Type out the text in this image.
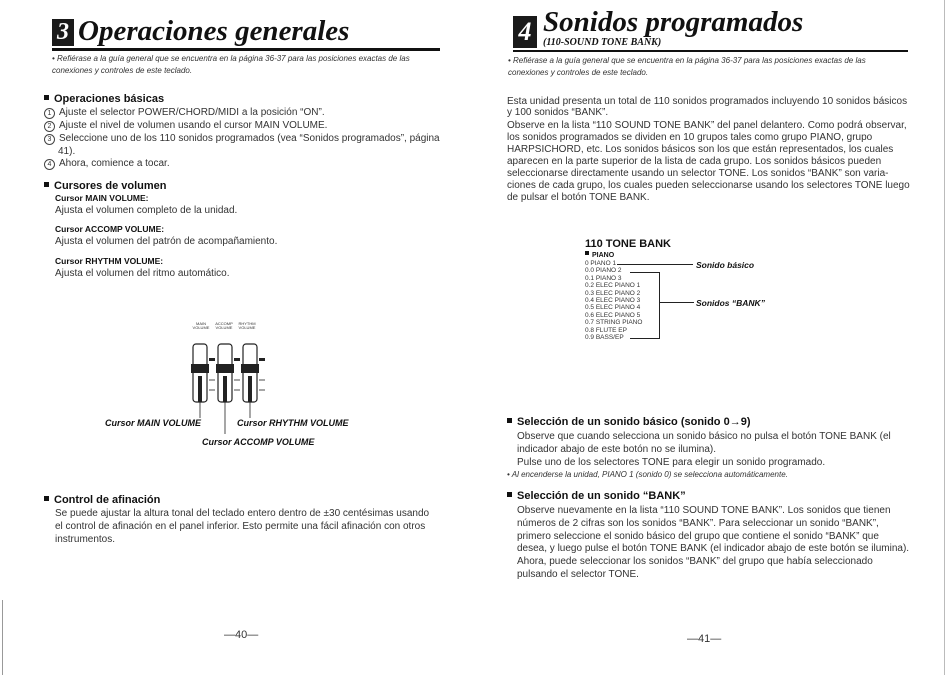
3 Operaciones generales
• Refiérase a la guía general que se encuentra en la página 36-37 para las posiciones exactas de las conexiones y controles de este teclado.
Operaciones básicas
1 Ajuste el selector POWER/CHORD/MIDI a la posición “ON”.
2 Ajuste el nivel de volumen usando el cursor MAIN VOLUME.
3 Seleccione uno de los 110 sonidos programados (vea “Sonidos programados”, página
41).
4 Ahora, comience a tocar.
Cursores de volumen
Cursor MAIN VOLUME:
Ajusta el volumen completo de la unidad.
Cursor ACCOMP VOLUME:
Ajusta el volumen del patrón de acompañamiento.
Cursor RHYTHM VOLUME:
Ajusta el volumen del ritmo automático.
MAIN VOLUME
ACCOMP VOLUME
RHYTHM VOLUME
Cursor MAIN VOLUME	Cursor RHYTHM VOLUME
Cursor ACCOMP VOLUME
Control de afinación
Se puede ajustar la altura tonal del teclado entero dentro de ±30 centésimas usando
el control de afinación en el panel inferior. Esto permite una fácil afinación con otros
instrumentos.
—40—
4 Sonidos programados
(110-SOUND TONE BANK)
• Refiérase a la guía general que se encuentra en la página 36-37 para las posiciones exactas de las conexiones y controles de este teclado.
Esta unidad presenta un total de 110 sonidos programados incluyendo 10 sonidos básicos
y 100 sonidos “BANK”.
Observe en la lista “110 SOUND TONE BANK” del panel delantero. Como podrá observar,
los sonidos programados se dividen en 10 grupos tales como grupo PIANO, grupo
HARPSICHORD, etc. Los sonidos básicos son los que están representados, los cuales
aparecen en la parte superior de la lista de cada grupo. Los sonidos básicos pueden
seleccionarse directamente usando un selector TONE. Los sonidos “BANK” son varia-
ciones de cada grupo, los cuales pueden seleccionarse usando los selectores TONE luego
de pulsar el botón TONE BANK.
110 TONE BANK
PIANO
0 PIANO 1
0.0 PIANO 2
0.1 PIANO 3
0.2 ELEC PIANO 1
0.3 ELEC PIANO 2
0.4 ELEC PIANO 3
0.5 ELEC PIANO 4
0.6 ELEC PIANO 5
0.7 STRING PIANO
0.8 FLUTE EP
0.9 BASS/EP
Sonido básico
Sonidos “BANK”
Selección de un sonido básico (sonido 0→9)
Observe que cuando selecciona un sonido básico no pulsa el botón TONE BANK (el
indicador abajo de este botón no se ilumina).
Pulse uno de los selectores TONE para elegir un sonido programado.
• Al encenderse la unidad, PIANO 1 (sonido 0) se selecciona automáticamente.
Selección de un sonido “BANK”
Observe nuevamente en la lista “110 SOUND TONE BANK”. Los sonidos que tienen
números de 2 cifras son los sonidos “BANK”. Para seleccionar un sonido “BANK”,
primero seleccione el sonido básico del grupo que contiene el sonido “BANK” que
desea, y luego pulse el botón TONE BANK (el indicador abajo de este botón se ilumina).
Ahora, puede seleccionar los sonidos “BANK” del grupo que había seleccionado
pulsando el selector TONE.
—41—
